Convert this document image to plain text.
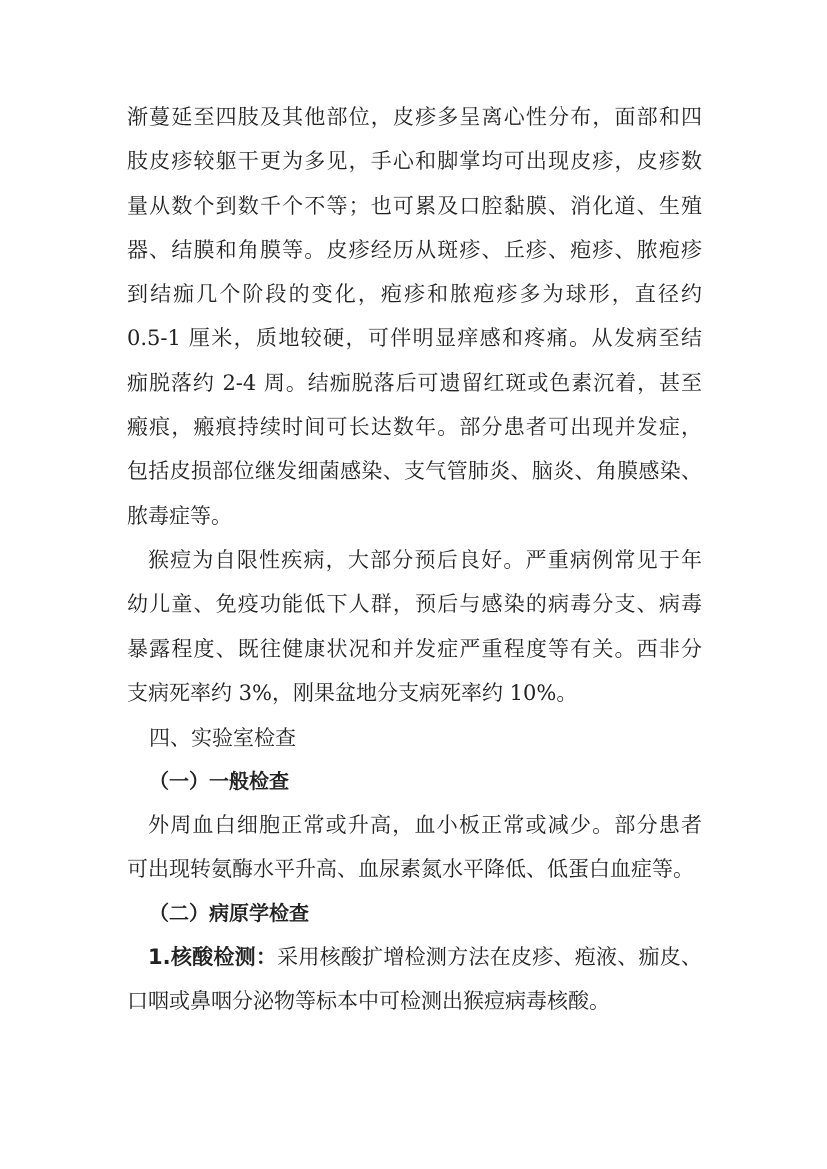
渐蔓延至四肢及其他部位，皮疹多呈离心性分布，面部和四
肢皮疹较躯干更为多见，手心和脚掌均可出现皮疹，皮疹数
量从数个到数千个不等；也可累及口腔黏膜、消化道、生殖
器、结膜和角膜等。皮疹经历从斑疹、丘疹、疱疹、脓疱疹
到结痂几个阶段的变化，疱疹和脓疱疹多为球形，直径约
0.5-1 厘米，质地较硬，可伴明显痒感和疼痛。从发病至结
痂脱落约 2-4 周。结痂脱落后可遗留红斑或色素沉着，甚至
瘢痕，瘢痕持续时间可长达数年。部分患者可出现并发症，
包括皮损部位继发细菌感染、支气管肺炎、脑炎、角膜感染、
脓毒症等。
猴痘为自限性疾病，大部分预后良好。严重病例常见于年
幼儿童、免疫功能低下人群，预后与感染的病毒分支、病毒
暴露程度、既往健康状况和并发症严重程度等有关。西非分
支病死率约 3%，刚果盆地分支病死率约 10%。
四、实验室检查
（一）一般检查
外周血白细胞正常或升高，血小板正常或减少。部分患者
可出现转氨酶水平升高、血尿素氮水平降低、低蛋白血症等。
（二）病原学检查
1.核酸检测：采用核酸扩增检测方法在皮疹、疱液、痂皮、
口咽或鼻咽分泌物等标本中可检测出猴痘病毒核酸。
